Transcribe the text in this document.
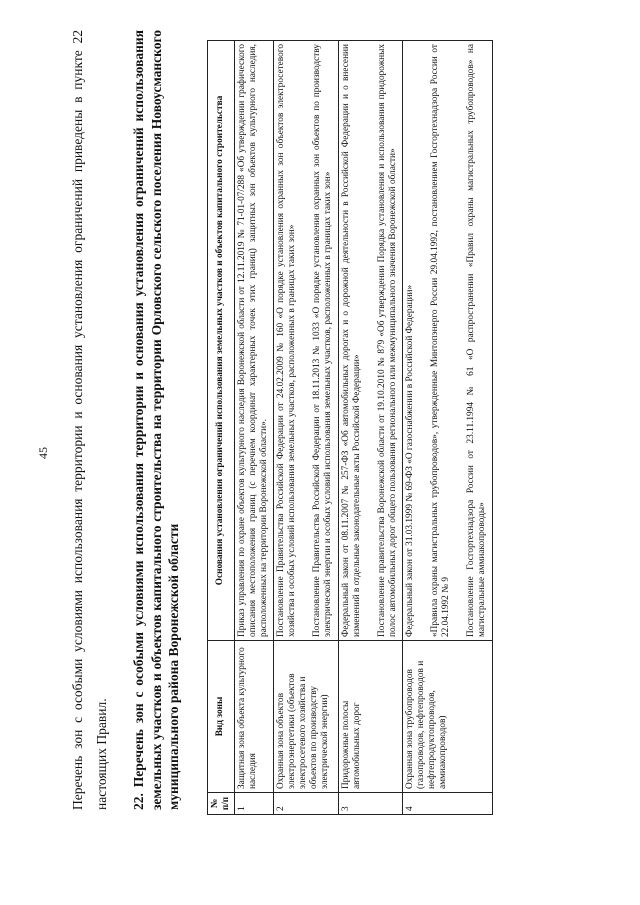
45 Перечень зон с особыми условиями использования территории и основания установления ограничений приведены в пункте 22 настоящих Правил.	22. Перечень зон с особыми условиями использования территории и основания установления ограничений использования земельных участков и объектов капитального строительства на территории Орловского сельского поселения Новоусманского муниципального района Воронежской области	№ п/п	Вид зоны	Основания установления ограничений использования земельных участков и объектов капитального строительства
1	Защитная зона объекта культурного наследия	Приказ управления по охране объектов культурного наследия Воронежской области от 12.11.2019 № 71-01-07/288 «Об утверждении графического описания местоположения границ (с перечнем координат характерных точек этих границ) защитных зон объектов культурного наследия, расположенных на территории Воронежской области».

2	Охранная зона объектов электроэнергетики (объектов электросетевого хозяйства и объектов по производству электрической энергии)	Постановление Правительства Российской Федерации от 24.02.2009 № 160 «О порядке установления охранных зон объектов электросетевого хозяйства и особых условий использования земельных участков, расположенных в границах таких зон» Постановление Правительства Российской Федерации от 18.11.2013 № 1033 «О порядке установления охранных зон объектов по производству электрической энергии и особых условий использования земельных участков, расположенных в границах таких зон»

3	Придорожные полосы автомобильных дорог	Федеральный закон от 08.11.2007 № 257-ФЗ «Об автомобильных дорогах и о дорожной деятельности в Российской Федерации и о внесении изменений в отдельные законодательные акты Российской Федерации» Постановление правительства Воронежской области от 19.10.2010 № 879 «Об утверждении Порядка установления и использования придорожных полос автомобильных дорог общего пользования регионального или межмуниципального значения Воронежской области»

4	Охранная зона трубопроводов (газопроводов, нефтепроводов и нефтепродуктопроводов, аммиакопроводов)	Федеральный закон от 31.03.1999 № 69-ФЗ «О газоснабжении в Российской Федерации» «Правила охраны магистральных трубопроводов», утвержденные Минтопэнерго России 29.04.1992, постановлением Госгортехнадзора России от 22.04.1992 № 9 Постановление Госгортехнадзора России от 23.11.1994 № 61 «О распространении «Правил охраны магистральных трубопроводов» на магистральные аммиакопроводы»
